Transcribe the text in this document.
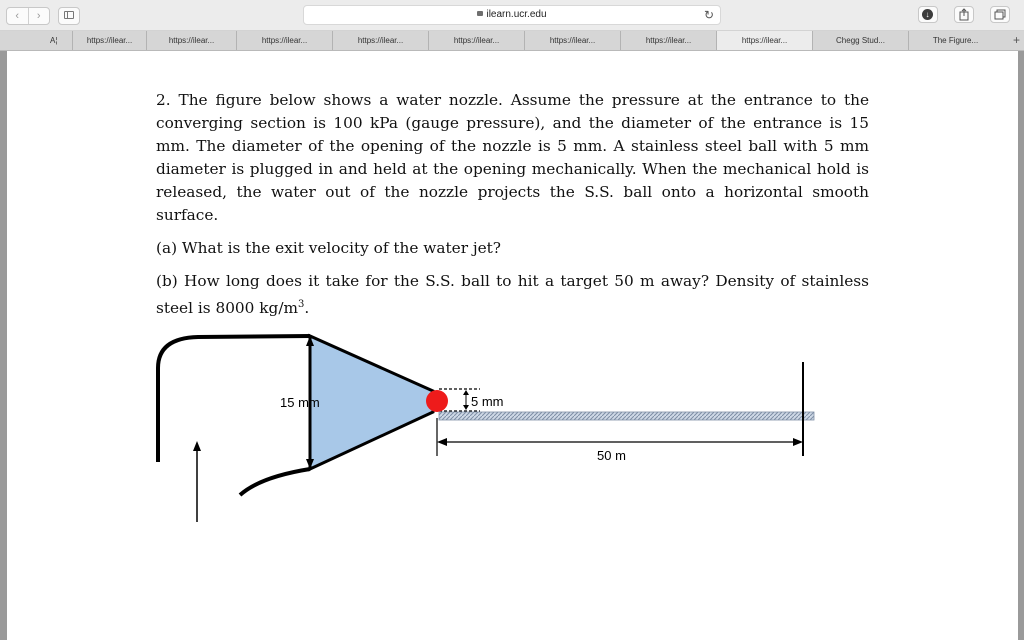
‹	›	ilearn.ucr.edu	↻	↓
A¦	https://ilear...	https://ilear...	https://ilear...	https://ilear...	https://ilear...	https://ilear...	https://ilear...	https://ilear...	Chegg Stud...	The Figure...	+

2. The figure below shows a water nozzle. Assume the pressure at the entrance to the converging section is 100 kPa (gauge pressure), and the diameter of the entrance is 15 mm. The diameter of the opening of the nozzle is 5 mm. A stainless steel ball with 5 mm diameter is plugged in and held at the opening mechanically. When the mechanical hold is released, the water out of the nozzle projects the S.S. ball onto a horizontal smooth surface.

(a) What is the exit velocity of the water jet?

(b) How long does it take for the S.S. ball to hit a target 50 m away? Density of stainless steel is 8000 $kg/m^3$.

15 mm	5 mm
50 m
